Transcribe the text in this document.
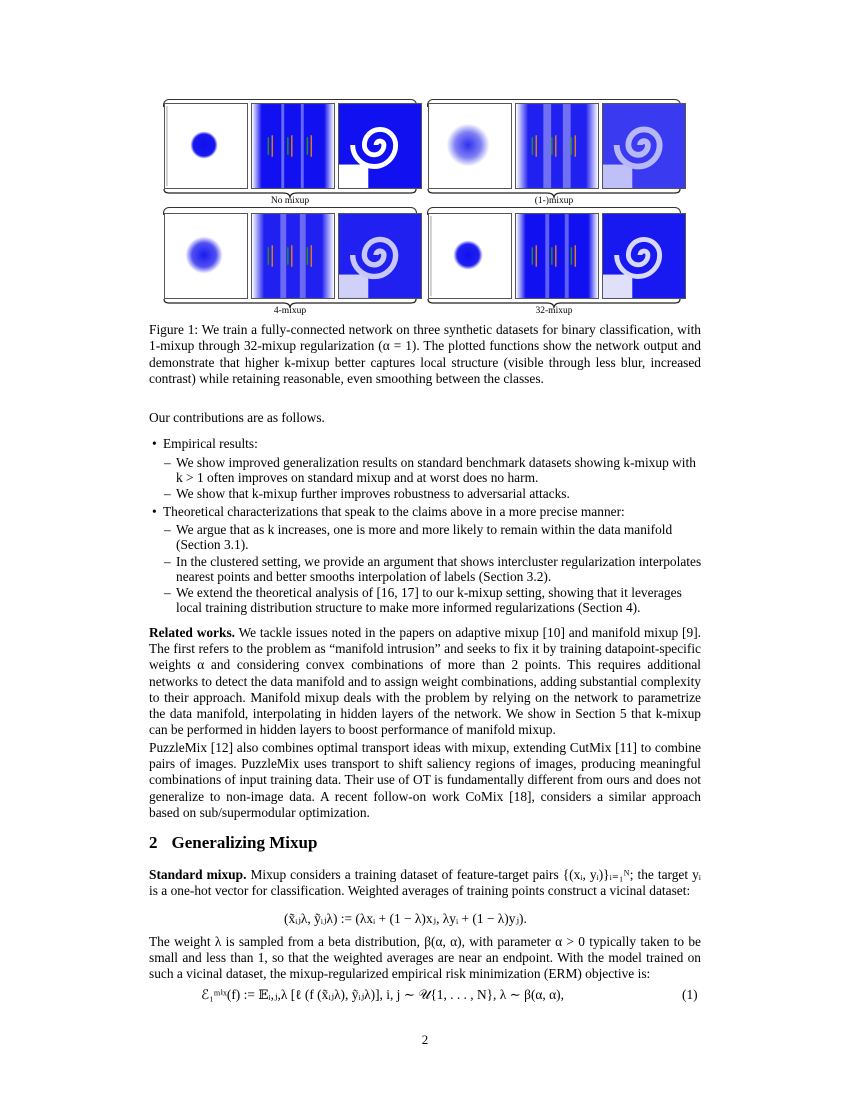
No mixup	(1-)mixup
4-mixup	32-mixup
Figure 1: We train a fully-connected network on three synthetic datasets for binary classification, with 1-mixup through 32-mixup regularization (α = 1). The plotted functions show the network output and demonstrate that higher k-mixup better captures local structure (visible through less blur, increased contrast) while retaining reasonable, even smoothing between the classes.
Our contributions are as follows.
• Empirical results:
– We show improved generalization results on standard benchmark datasets showing k-mixup with
k > 1 often improves on standard mixup and at worst does no harm.
– We show that k-mixup further improves robustness to adversarial attacks.
• Theoretical characterizations that speak to the claims above in a more precise manner:
– We argue that as k increases, one is more and more likely to remain within the data manifold
(Section 3.1).
– In the clustered setting, we provide an argument that shows intercluster regularization interpolates
nearest points and better smooths interpolation of labels (Section 3.2).
– We extend the theoretical analysis of [16, 17] to our k-mixup setting, showing that it leverages
local training distribution structure to make more informed regularizations (Section 4).
Related works. We tackle issues noted in the papers on adaptive mixup [10] and manifold mixup [9]. The first refers to the problem as “manifold intrusion” and seeks to fix it by training datapoint-specific weights α and considering convex combinations of more than 2 points. This requires additional networks to detect the data manifold and to assign weight combinations, adding substantial complexity to their approach. Manifold mixup deals with the problem by relying on the network to parametrize the data manifold, interpolating in hidden layers of the network. We show in Section 5 that k-mixup can be performed in hidden layers to boost performance of manifold mixup.
PuzzleMix [12] also combines optimal transport ideas with mixup, extending CutMix [11] to combine pairs of images. PuzzleMix uses transport to shift saliency regions of images, producing meaningful combinations of input training data. Their use of OT is fundamentally different from ours and does not generalize to non-image data. A recent follow-on work CoMix [18], considers a similar approach based on sub/supermodular optimization.
2 Generalizing Mixup
Standard mixup. Mixup considers a training dataset of feature-target pairs {(xᵢ, yᵢ)}ᵢ₌₁ᴺ; the target yᵢ is a one-hot vector for classification. Weighted averages of training points construct a vicinal dataset:
(x̃ᵢⱼλ, ỹᵢⱼλ) := (λxᵢ + (1 − λ)xⱼ, λyᵢ + (1 − λ)yⱼ).
The weight λ is sampled from a beta distribution, β(α, α), with parameter α > 0 typically taken to be small and less than 1, so that the weighted averages are near an endpoint. With the model trained on such a vicinal dataset, the mixup-regularized empirical risk minimization (ERM) objective is:
ℰ₁ᵐⁱˣ(f) := 𝔼ᵢ,ⱼ,λ [ℓ (f (x̃ᵢⱼλ), ỹᵢⱼλ)], i, j ∼ 𝒰{1, . . . , N}, λ ∼ β(α, α),	(1)
2
